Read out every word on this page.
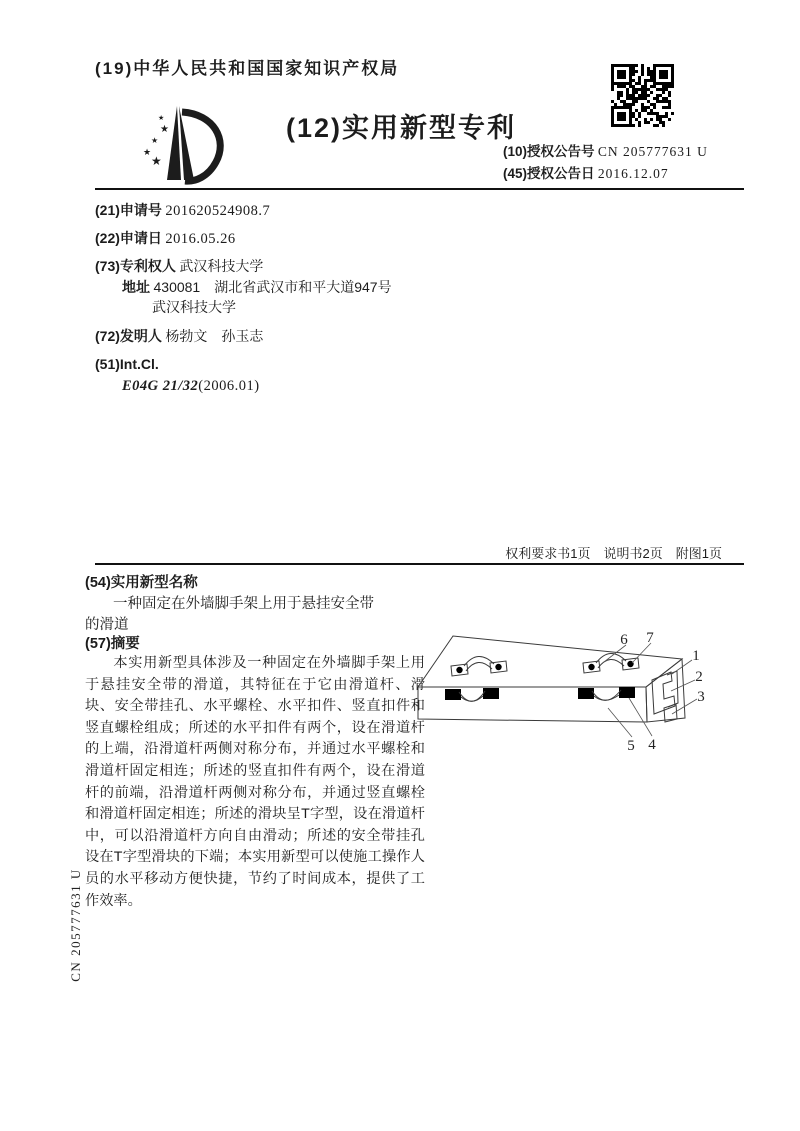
(19)中华人民共和国国家知识产权局
★
★
★
★
★
(12)实用新型专利
(10)授权公告号 CN 205777631 U
(45)授权公告日 2016.12.07
(21)申请号 201620524908.7
(22)申请日 2016.05.26
(73)专利权人 武汉科技大学
地址 430081　湖北省武汉市和平大道947号
武汉科技大学
(72)发明人 杨勃文　孙玉志
(51)Int.Cl.
E04G 21/32(2006.01)
权利要求书1页　说明书2页　附图1页
(54)实用新型名称
一种固定在外墙脚手架上用于悬挂安全带
的滑道
(57)摘要

本实用新型具体涉及一种固定在外墙脚手架上用于悬挂安全带的滑道，其特征在于它由滑道杆、滑块、安全带挂孔、水平螺栓、水平扣件、竖直扣件和竖直螺栓组成；所述的水平扣件有两个，设在滑道杆的上端，沿滑道杆两侧对称分布，并通过水平螺栓和滑道杆固定相连；所述的竖直扣件有两个，设在滑道杆的前端，沿滑道杆两侧对称分布，并通过竖直螺栓和滑道杆固定相连；所述的滑块呈T字型，设在滑道杆中，可以沿滑道杆方向自由滑动；所述的安全带挂孔设在T字型滑块的下端；本实用新型可以使施工操作人员的水平移动方便快捷，节约了时间成本，提供了工作效率。

6 7
1
2
3
5 4
CN 205777631 U
